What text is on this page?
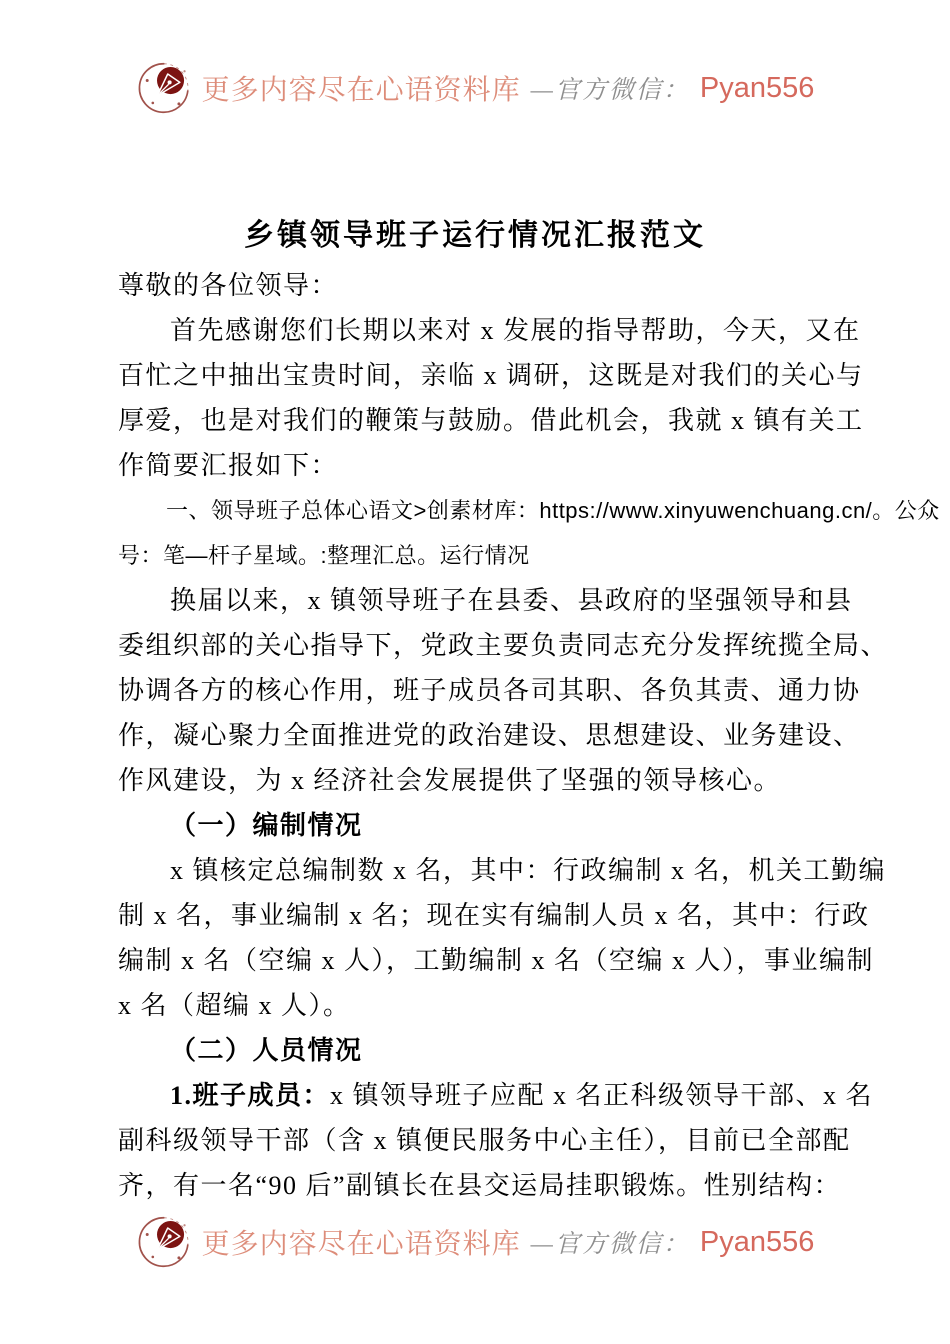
更多内容尽在心语资料库 —官方微信： Pyan556
乡镇领导班子运行情况汇报范文
尊敬的各位领导：
首先感谢您们长期以来对 x 发展的指导帮助，今天，又在
百忙之中抽出宝贵时间，亲临 x 调研，这既是对我们的关心与
厚爱，也是对我们的鞭策与鼓励。借此机会，我就 x 镇有关工
作简要汇报如下：
一、领导班子总体心语文>创素材库：https://www.xinyuwenchuang.cn/。公众
号：笔—杆子星域。:整理汇总。运行情况
换届以来，x 镇领导班子在县委、县政府的坚强领导和县
委组织部的关心指导下，党政主要负责同志充分发挥统揽全局、
协调各方的核心作用，班子成员各司其职、各负其责、通力协
作，凝心聚力全面推进党的政治建设、思想建设、业务建设、
作风建设，为 x 经济社会发展提供了坚强的领导核心。
（一）编制情况
x 镇核定总编制数 x 名，其中：行政编制 x 名，机关工勤编
制 x 名，事业编制 x 名；现在实有编制人员 x 名，其中：行政
编制 x 名（空编 x 人），工勤编制 x 名（空编 x 人），事业编制
x 名（超编 x 人）。
（二）人员情况
1.班子成员：x 镇领导班子应配 x 名正科级领导干部、x 名
副科级领导干部（含 x 镇便民服务中心主任），目前已全部配
齐，有一名“90 后”副镇长在县交运局挂职锻炼。性别结构：
更多内容尽在心语资料库 —官方微信： Pyan556
